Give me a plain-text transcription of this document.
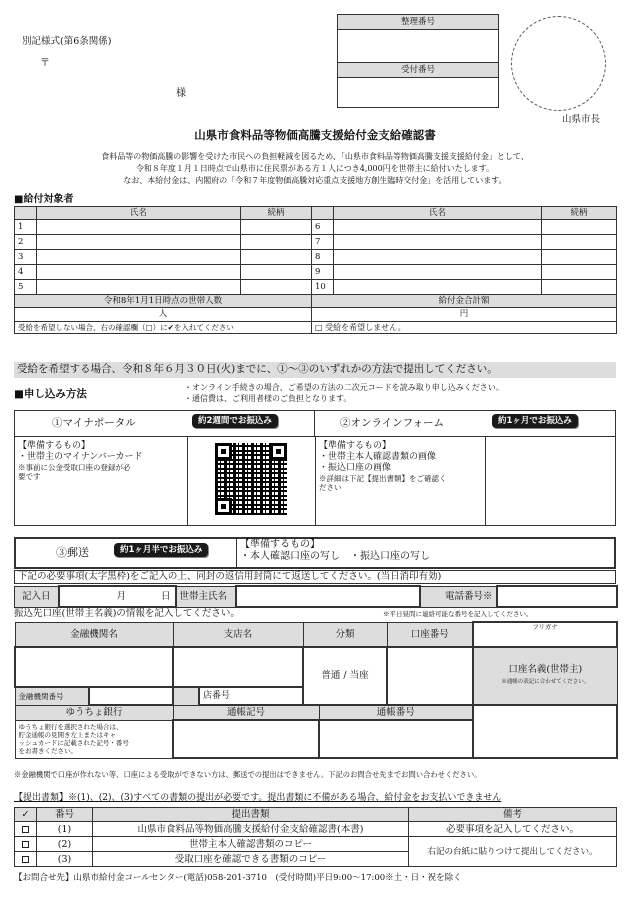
別記様式(第6条関係)
〒
様
整理番号

受付番号

山県市長
山県市食料品等物価高騰支援給付金支給確認書
食料品等の物価高騰の影響を受けた市民への負担軽減を図るため、「山県市食料品等物価高騰支援支援給付金」として、
令和８年度１月１日時点で山県市に住民票がある方１人につき4,000円を世帯主に給付いたします。
なお、本給付金は、内閣府の「令和７年度物価高騰対応重点支援地方創生臨時交付金」を活用しています。
■給付対象者
	氏名	続柄		氏名	続柄
1			6		
2			7		
3			8		
4			9		
5			10		
令和8年1月1日時点の世帯人数			給付金合計額		
人			円		
受給を希望しない場合、右の確認欄（□）に✔を入れてください			□ 受給を希望しません。		
受給を希望する場合、令和８年６月３０日(火)までに、①～③のいずれかの方法で提出してください。
■申し込み方法
・オンライン手続きの場合、ご希望の方法の二次元コードを読み取り申し込みください。
・通信費は、ご利用者様のご負担となります。
①マイナポータル	約2週間でお振込み	②オンラインフォーム	約1ヶ月でお振込み
【準備するもの】
・世帯主のマイナンバーカード
※事前に公金受取口座の登録が必
要です
【準備するもの】
・世帯主本人確認書類の画像
・振込口座の画像
※詳細は下記【提出書類】をご確認く
ださい
③郵送	約1ヶ月半でお振込み	【準備するもの】
・本人確認口座の写し　・振込口座の写し
下記の必要事項(太字黒枠)をご記入の上、同封の返信用封筒にて返送してください。(当日消印有効)
記入日	月	日	世帯主氏名		電話番号※	
振込先口座(世帯主名義)の情報を記入してください。	※平日昼間に連絡可能な番号を記入してください。
金融機関名		支店名		分類		口座番号	フリガナ
				普通 / 当座			口座名義(世帯主)
※通帳の表記に合わせてください。

金融機関番号			店番号				
ゆうちょ銀行		通帳記号			通帳番号		

ゆうちょ銀行を選択された場合は、
貯金通帳の見開き左上またはキャ
ッシュカードに記載された記号・番号
をお書きください。							

※金融機関で口座が作れない等、口座による受取ができない方は、郵送での提出はできません。下記のお問合せ先までお問い合わせください。
【提出書類】※(1)、(2)、(3)すべての書類の提出が必要です。提出書類に不備がある場合、給付金をお支払いできません
✓	番号	提出書類	備考
	(1)	山県市食料品等物価高騰支援給付金支給確認書(本書)	必要事項を記入してください。
	(2)	世帯主本人確認書類のコピー	右記の台紙に貼りつけて提出してください。
	(3)	受取口座を確認できる書類のコピー	
【お問合せ先】山県市給付金コールセンター(電話)058-201-3710　(受付時間)平日9:00～17:00※土・日・祝を除く
